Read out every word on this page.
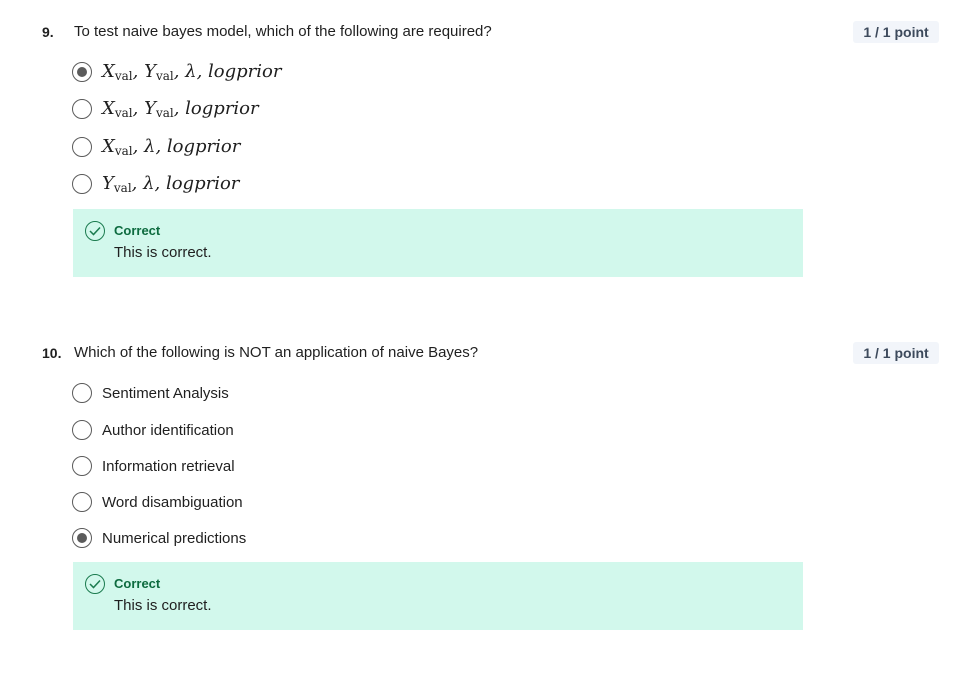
9. To test naive bayes model, which of the following are required?	1 / 1 point
$X_{val}$, $Y_{val}$, λ, logprior
$X_{val}$, $Y_{val}$, logprior
$X_{val}$, λ, logprior
$Y_{val}$, λ, logprior
Correct
This is correct.
10. Which of the following is NOT an application of naive Bayes?	1 / 1 point
Sentiment Analysis
Author identification
Information retrieval
Word disambiguation
Numerical predictions
Correct
This is correct.
